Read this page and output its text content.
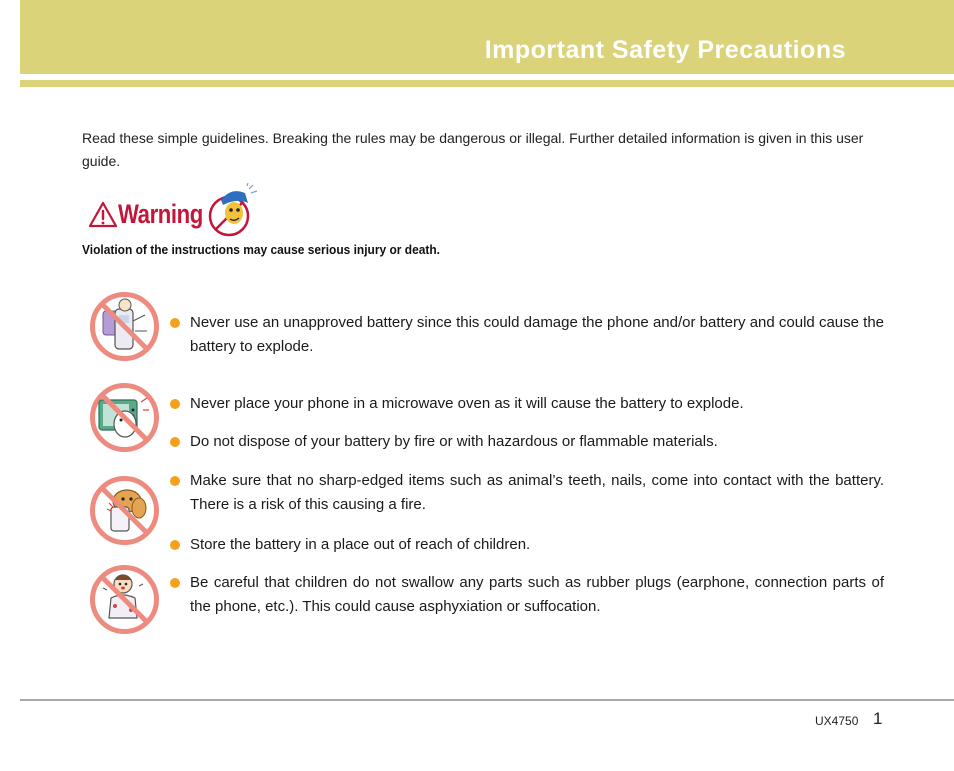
Important Safety Precautions
Read these simple guidelines. Breaking the rules may be dangerous or illegal. Further detailed information is given in this user guide.
Warning
Violation of the instructions may cause serious injury or death.
Never use an unapproved battery since this could damage the phone and/or battery and could cause the battery to explode.
Never place your phone in a microwave oven as it will cause the battery to explode.
Do not dispose of your battery by fire or with hazardous or flammable materials.
Make sure that no sharp-edged items such as animal’s teeth, nails, come into contact with the battery. There is a risk of this causing a fire.
Store the battery in a place out of reach of children.
Be careful that children do not swallow any parts such as rubber plugs (earphone, connection parts of the phone, etc.). This could cause asphyxiation or suffocation.
UX4750 1
